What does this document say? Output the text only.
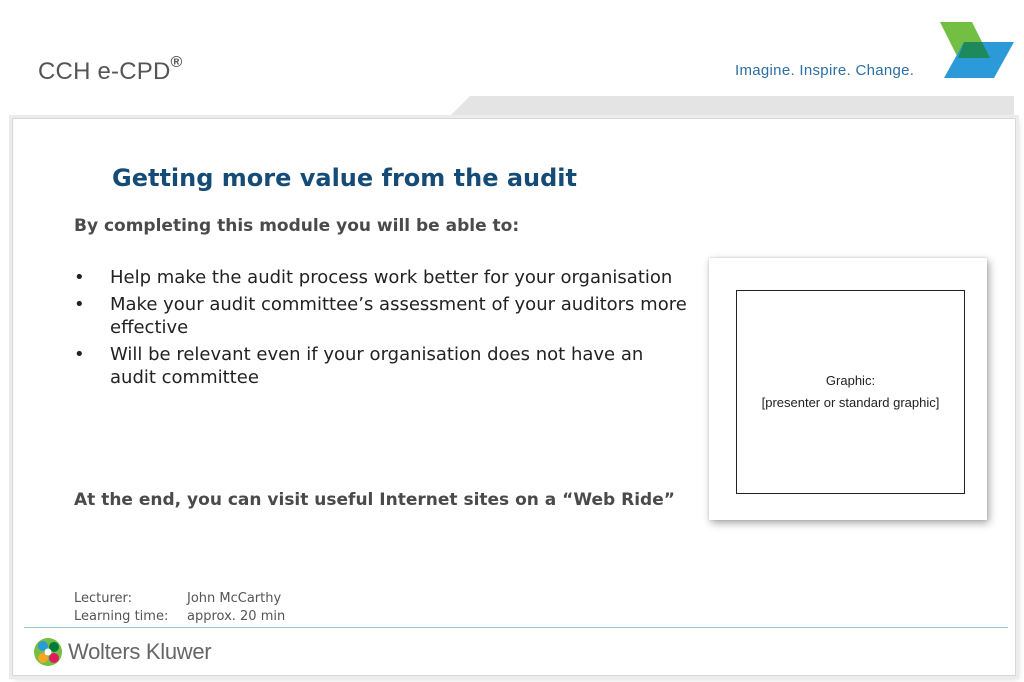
CCH e-CPD®	Imagine. Inspire. Change.
Getting more value from the audit
By completing this module you will be able to:
• Help make the audit process work better for your organisation
• Make your audit committee’s assessment of your auditors more effective
• Will be relevant even if your organisation does not have an audit committee
At the end, you can visit useful Internet sites on a “Web Ride”
Graphic:
[presenter or standard graphic]
Lecturer:	John McCarthy
Learning time:	approx. 20 min
Wolters Kluwer
